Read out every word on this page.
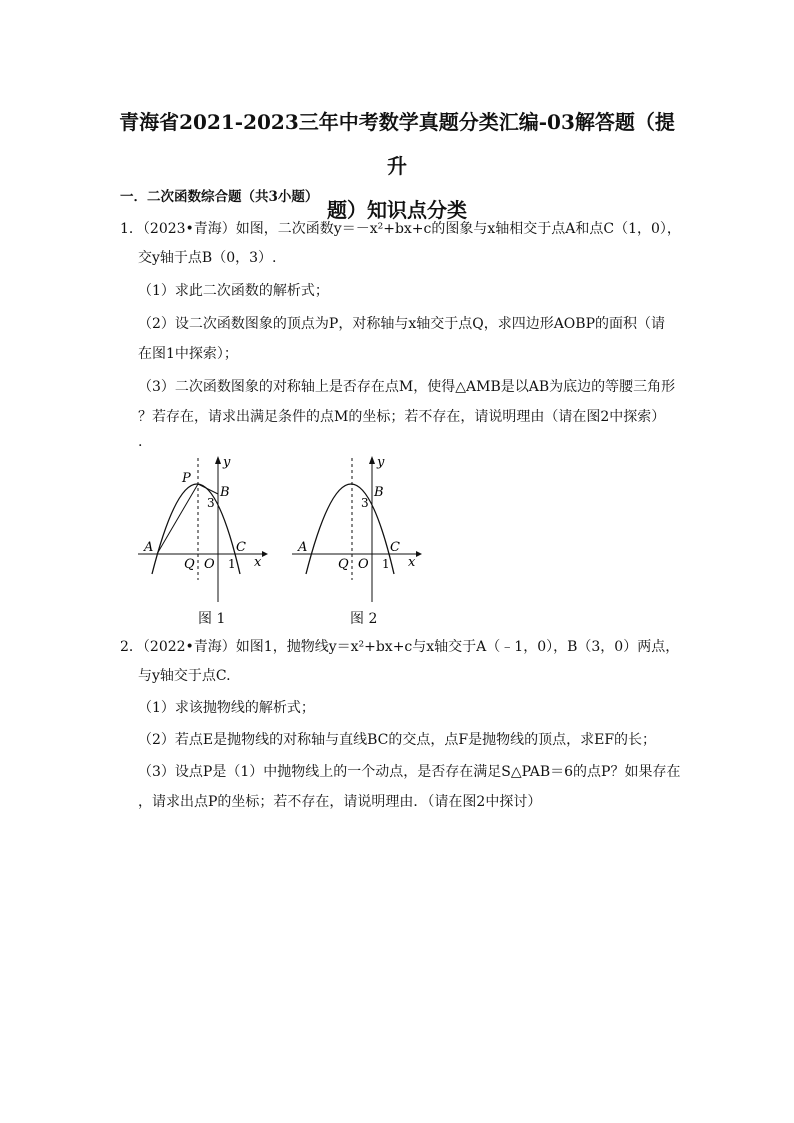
青海省2021-2023三年中考数学真题分类汇编-03解答题（提升
题）知识点分类
一．二次函数综合题（共3小题）
1．（2023•青海）如图，二次函数y＝－x²+bx+c的图象与x轴相交于点A和点C（1，0），
交y轴于点B（0，3）.
（1）求此二次函数的解析式；
（2）设二次函数图象的顶点为P，对称轴与x轴交于点Q，求四边形AOBP的面积（请
在图1中探索）；
（3）二次函数图象的对称轴上是否存在点M，使得△AMB是以AB为底边的等腰三角形
？若存在，请求出满足条件的点M的坐标；若不存在，请说明理由（请在图2中探索）
.
P
y
B
3
A	C
Q O 1 x
图 1
y
B
3
A	C
Q O 1 x
图 2
2．（2022•青海）如图1，抛物线y＝x²+bx+c与x轴交于A（﹣1，0），B（3，0）两点，
与y轴交于点C.
（1）求该抛物线的解析式；
（2）若点E是抛物线的对称轴与直线BC的交点，点F是抛物线的顶点，求EF的长；
（3）设点P是（1）中抛物线上的一个动点，是否存在满足S△PAB＝6的点P？如果存在
，请求出点P的坐标；若不存在，请说明理由．（请在图2中探讨）
